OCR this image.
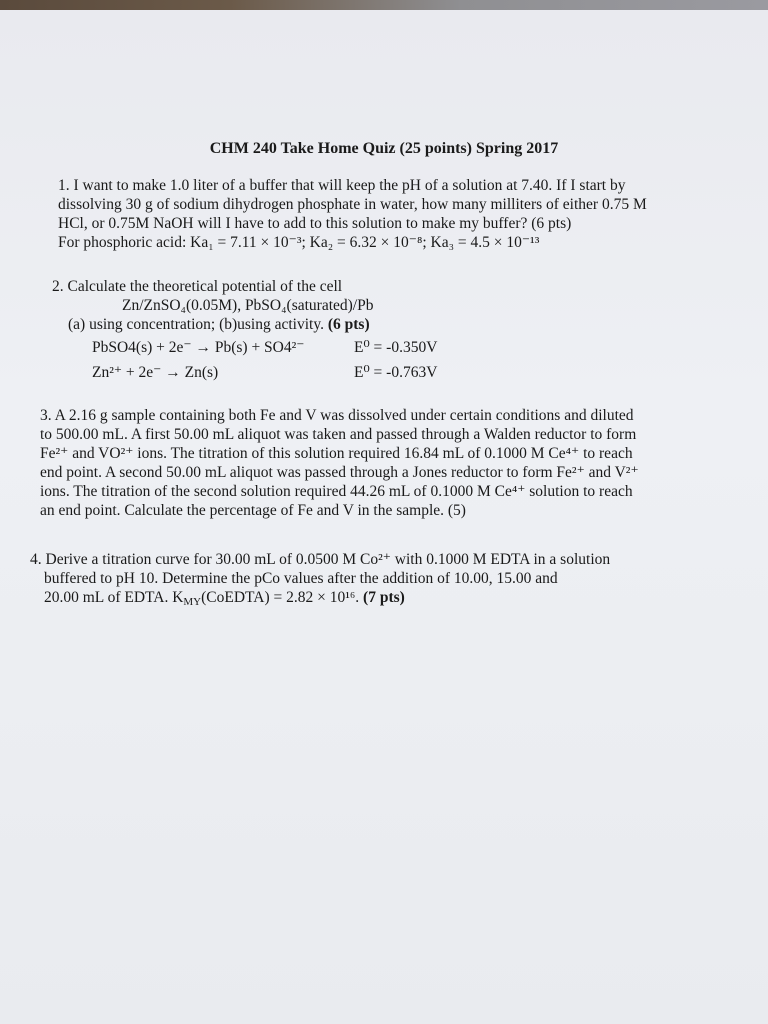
CHM 240 Take Home Quiz (25 points) Spring 2017
1. I want to make 1.0 liter of a buffer that will keep the pH of a solution at 7.40. If I start by
dissolving 30 g of sodium dihydrogen phosphate in water, how many milliters of either 0.75 M
HCl, or 0.75M NaOH will I have to add to this solution to make my buffer? (6 pts)
For phosphoric acid: Ka₁ = 7.11 × 10⁻³; Ka₂ = 6.32 × 10⁻⁸; Ka₃ = 4.5 × 10⁻¹³
2. Calculate the theoretical potential of the cell
Zn/ZnSO₄(0.05M), PbSO₄(saturated)/Pb
(a) using concentration; (b)using activity. (6 pts)
PbSO4(s) + 2e⁻ → Pb(s) + SO4²⁻	E⁰ = -0.350V
Zn²⁺ + 2e⁻ → Zn(s)	E⁰ = -0.763V
3. A 2.16 g sample containing both Fe and V was dissolved under certain conditions and diluted
to 500.00 mL. A first 50.00 mL aliquot was taken and passed through a Walden reductor to form
Fe²⁺ and VO²⁺ ions. The titration of this solution required 16.84 mL of 0.1000 M Ce⁴⁺ to reach
end point. A second 50.00 mL aliquot was passed through a Jones reductor to form Fe²⁺ and V²⁺
ions. The titration of the second solution required 44.26 mL of 0.1000 M Ce⁴⁺ solution to reach
an end point. Calculate the percentage of Fe and V in the sample. (5)
4. Derive a titration curve for 30.00 mL of 0.0500 M Co²⁺ with 0.1000 M EDTA in a solution
buffered to pH 10. Determine the pCo values after the addition of 10.00, 15.00 and
20.00 mL of EDTA. $K_{MY}(CoEDTA) = 2.82 \times 10^{16}$. (7 pts)
